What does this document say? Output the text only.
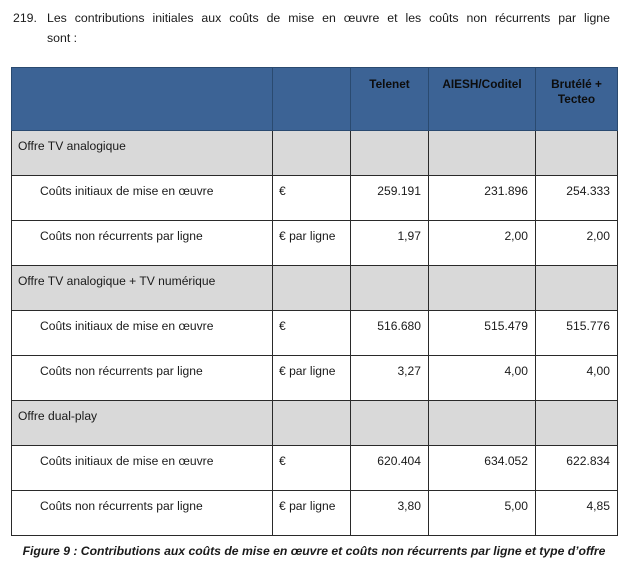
219. Les contributions initiales aux coûts de mise en œuvre et les coûts non récurrents par ligne
sont :
		Telenet	AIESH/Coditel	Brutélé + Tecteo
Offre TV analogique				
Coûts initiaux de mise en œuvre	€	259.191	231.896	254.333
Coûts non récurrents par ligne	€ par ligne	1,97	2,00	2,00
Offre TV analogique + TV numérique				
Coûts initiaux de mise en œuvre	€	516.680	515.479	515.776
Coûts non récurrents par ligne	€ par ligne	3,27	4,00	4,00
Offre dual-play				
Coûts initiaux de mise en œuvre	€	620.404	634.052	622.834
Coûts non récurrents par ligne	€ par ligne	3,80	5,00	4,85
Figure 9 : Contributions aux coûts de mise en œuvre et coûts non récurrents par ligne et type d’offre
